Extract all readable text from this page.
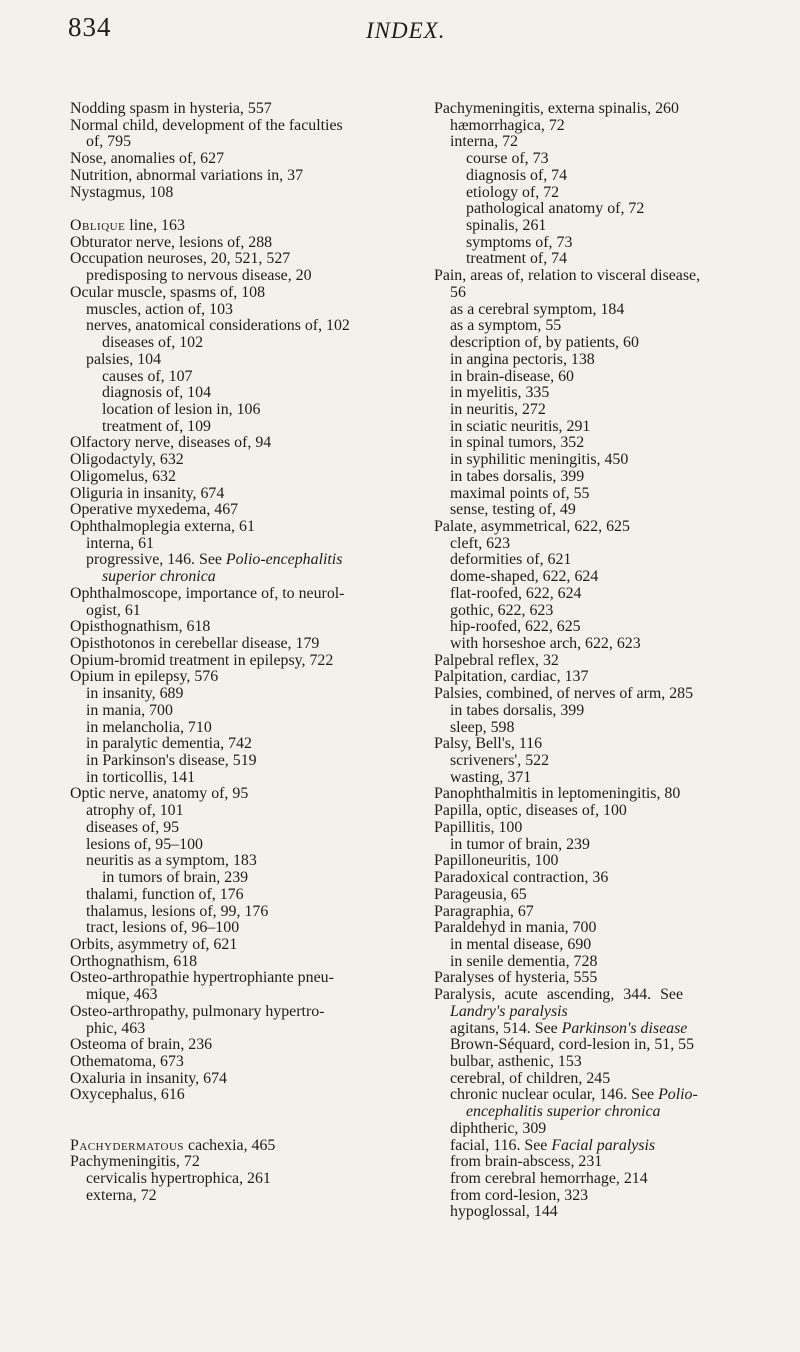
834	INDEX.
Nodding spasm in hysteria, 557
Normal child, development of the faculties
of, 795
Nose, anomalies of, 627
Nutrition, abnormal variations in, 37
Nystagmus, 108
Oblique line, 163
Obturator nerve, lesions of, 288
Occupation neuroses, 20, 521, 527
predisposing to nervous disease, 20
Ocular muscle, spasms of, 108
muscles, action of, 103
nerves, anatomical considerations of, 102
diseases of, 102
palsies, 104
causes of, 107
diagnosis of, 104
location of lesion in, 106
treatment of, 109
Olfactory nerve, diseases of, 94
Oligodactyly, 632
Oligomelus, 632
Oliguria in insanity, 674
Operative myxedema, 467
Ophthalmoplegia externa, 61
interna, 61
progressive, 146. See Polio-encephalitis
superior chronica
Ophthalmoscope, importance of, to neurol-
ogist, 61
Opisthognathism, 618
Opisthotonos in cerebellar disease, 179
Opium-bromid treatment in epilepsy, 722
Opium in epilepsy, 576
in insanity, 689
in mania, 700
in melancholia, 710
in paralytic dementia, 742
in Parkinson's disease, 519
in torticollis, 141
Optic nerve, anatomy of, 95
atrophy of, 101
diseases of, 95
lesions of, 95–100
neuritis as a symptom, 183
in tumors of brain, 239
thalami, function of, 176
thalamus, lesions of, 99, 176
tract, lesions of, 96–100
Orbits, asymmetry of, 621
Orthognathism, 618
Osteo-arthropathie hypertrophiante pneu-
mique, 463
Osteo-arthropathy, pulmonary hypertro-
phic, 463
Osteoma of brain, 236
Othematoma, 673
Oxaluria in insanity, 674
Oxycephalus, 616
Pachydermatous cachexia, 465
Pachymeningitis, 72
cervicalis hypertrophica, 261
externa, 72
Pachymeningitis, externa spinalis, 260
hæmorrhagica, 72
interna, 72
course of, 73
diagnosis of, 74
etiology of, 72
pathological anatomy of, 72
spinalis, 261
symptoms of, 73
treatment of, 74
Pain, areas of, relation to visceral disease,
56
as a cerebral symptom, 184
as a symptom, 55
description of, by patients, 60
in angina pectoris, 138
in brain-disease, 60
in myelitis, 335
in neuritis, 272
in sciatic neuritis, 291
in spinal tumors, 352
in syphilitic meningitis, 450
in tabes dorsalis, 399
maximal points of, 55
sense, testing of, 49
Palate, asymmetrical, 622, 625
cleft, 623
deformities of, 621
dome-shaped, 622, 624
flat-roofed, 622, 624
gothic, 622, 623
hip-roofed, 622, 625
with horseshoe arch, 622, 623
Palpebral reflex, 32
Palpitation, cardiac, 137
Palsies, combined, of nerves of arm, 285
in tabes dorsalis, 399
sleep, 598
Palsy, Bell's, 116
scriveners', 522
wasting, 371
Panophthalmitis in leptomeningitis, 80
Papilla, optic, diseases of, 100
Papillitis, 100
in tumor of brain, 239
Papilloneuritis, 100
Paradoxical contraction, 36
Parageusia, 65
Paragraphia, 67
Paraldehyd in mania, 700
in mental disease, 690
in senile dementia, 728
Paralyses of hysteria, 555
Paralysis, acute ascending, 344. See
Landry's paralysis
agitans, 514. See Parkinson's disease
Brown-Séquard, cord-lesion in, 51, 55
bulbar, asthenic, 153
cerebral, of children, 245
chronic nuclear ocular, 146. See Polio-
encephalitis superior chronica
diphtheric, 309
facial, 116. See Facial paralysis
from brain-abscess, 231
from cerebral hemorrhage, 214
from cord-lesion, 323
hypoglossal, 144
